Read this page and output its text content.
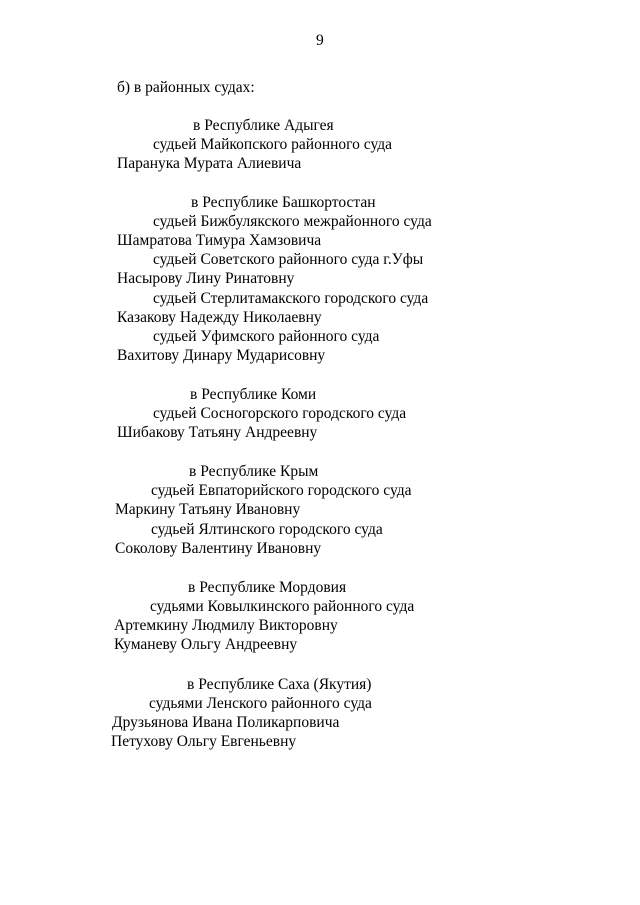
9
б) в районных судах:
в Республике Адыгея
судьей Майкопского районного суда
Паранука Мурата Алиевича
в Республике Башкортостан
судьей Бижбулякского межрайонного суда
Шамратова Тимура Хамзовича
судьей Советского районного суда г.Уфы
Насырову Лину Ринатовну
судьей Стерлитамакского городского суда
Казакову Надежду Николаевну
судьей Уфимского районного суда
Вахитову Динару Мударисовну
в Республике Коми
судьей Сосногорского городского суда
Шибакову Татьяну Андреевну
в Республике Крым
судьей Евпаторийского городского суда
Маркину Татьяну Ивановну
судьей Ялтинского городского суда
Соколову Валентину Ивановну
в Республике Мордовия
судьями Ковылкинского районного суда
Артемкину Людмилу Викторовну
Куманеву Ольгу Андреевну
в Республике Саха (Якутия)
судьями Ленского районного суда
Друзьянова Ивана Поликарповича
Петухову Ольгу Евгеньевну
